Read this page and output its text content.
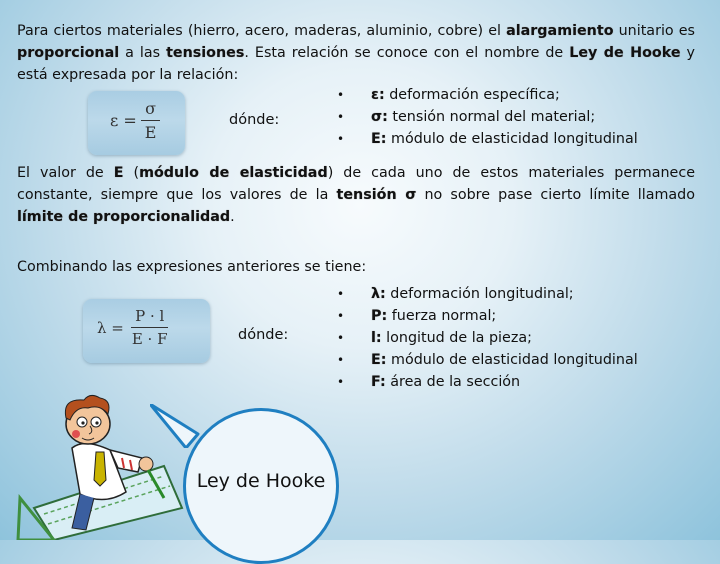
Para ciertos materiales (hierro, acero, maderas, aluminio, cobre) el alargamiento unitario es proporcional a las tensiones. Esta relación se conoce con el nombre de Ley de Hooke y está expresada por la relación:
$\varepsilon = \frac{\sigma}{E}$	dónde:
• ε: deformación específica;
• σ: tensión normal del material;
• E: módulo de elasticidad longitudinal
El valor de E (módulo de elasticidad) de cada uno de estos materiales permanece constante, siempre que los valores de la tensión σ no sobre pase cierto límite llamado límite de proporcionalidad.
Combinando las expresiones anteriores se tiene:
$\lambda = \frac{P \cdot l}{E \cdot F}$	dónde:
• λ: deformación longitudinal;
• P: fuerza normal;
• l: longitud de la pieza;
• E: módulo de elasticidad longitudinal
• F: área de la sección
Ley de Hooke
